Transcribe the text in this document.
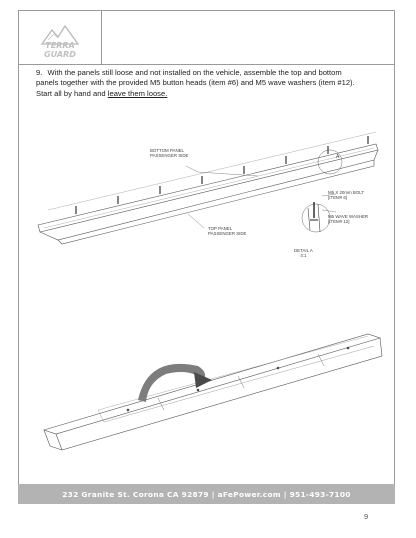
TERRA
GUARD
9. With the panels still loose and not installed on the vehicle, assemble the top and bottom panels together with the provided M5 button heads (item #6) and M5 wave washers (item #12). Start all by hand and leave them loose.
BOTTOM PANEL
PASSENGER SIDE
TOP PANEL
PASSENGER SIDE
M5 X 20mm BOLT
[ITEM# 6]
M5 WAVE WASHER
[ITEM# 12]
DETAIL A
4:1
A
232 Granite St. Corona CA 92879 | aFePower.com | 951-493-7100
9
